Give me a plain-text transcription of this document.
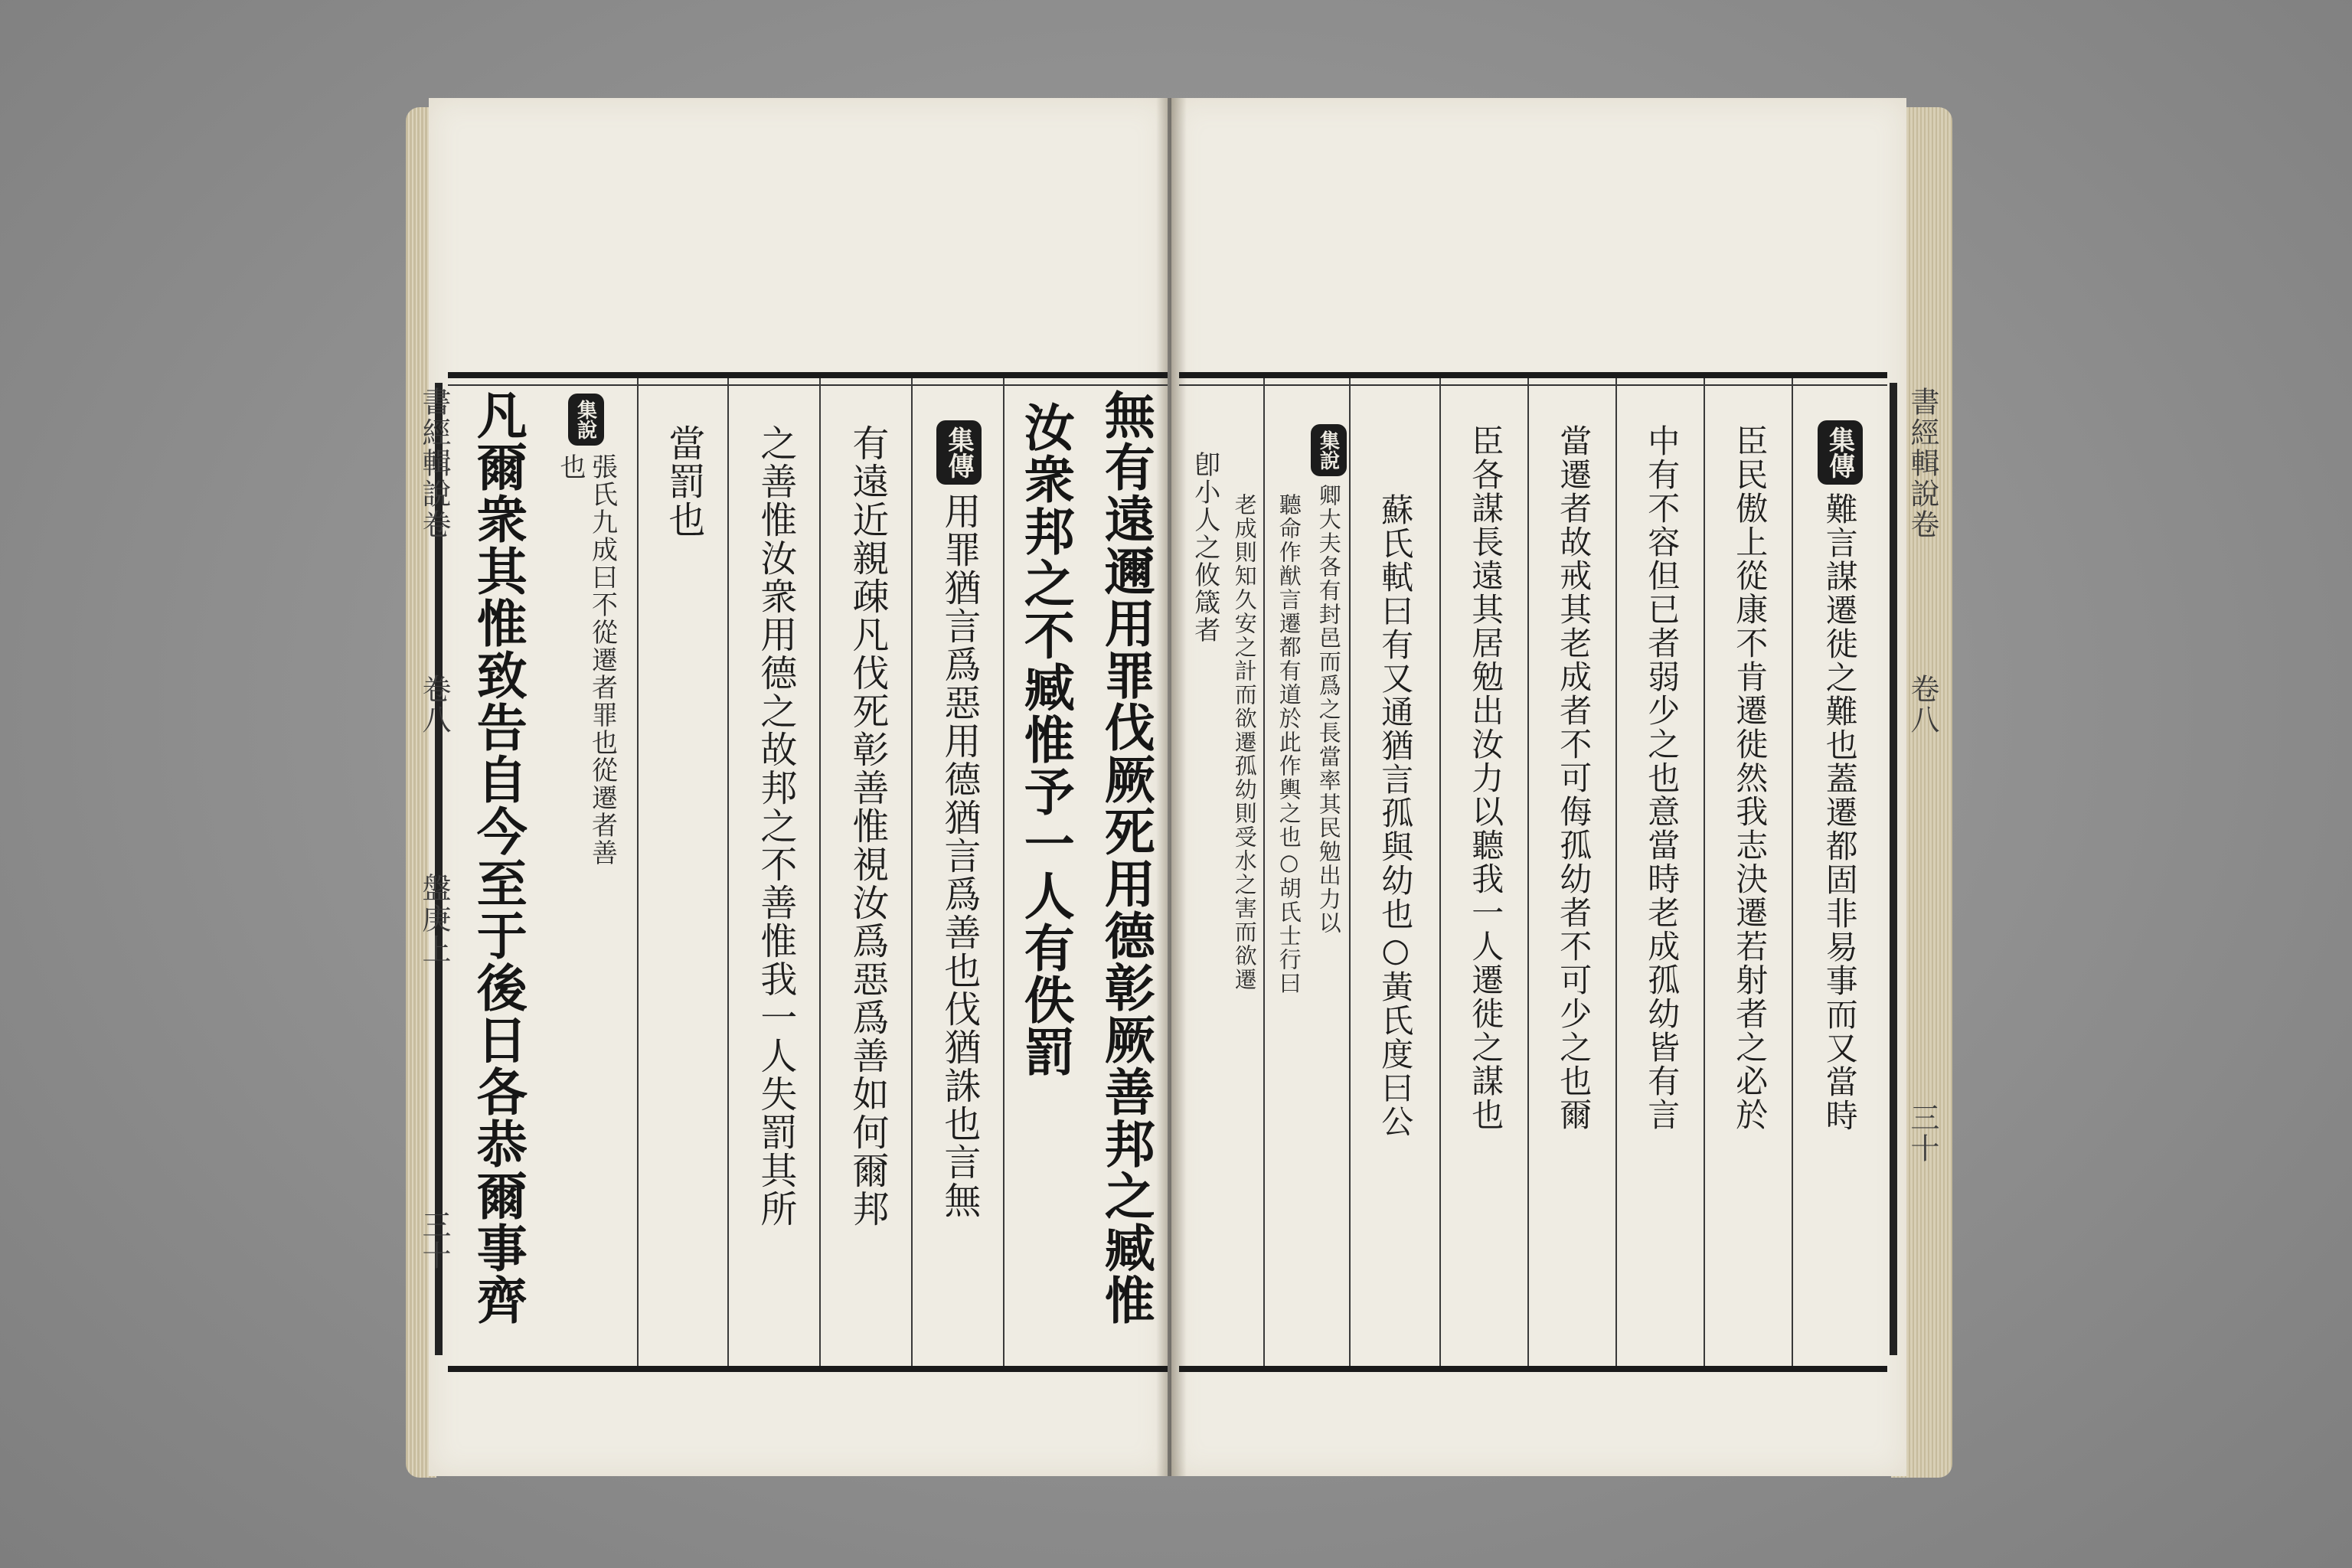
書經輯說卷
卷八
盤庚上
三十
書經輯說卷
卷八
三十
凡爾衆其惟致告自今至于後日各恭爾事齊	集說
張氏九成曰不從遷者罪也從遷者善也	當罰也 之善惟汝衆用德之故邦之不善惟我一人失罰其所 有遠近親疎凡伐死彰善惟視汝爲惡爲善如何爾邦 集傳
用罪猶言爲惡用德猶言爲善也伐猶誅也言無 汝衆邦之不臧惟予一人有佚罰 無有遠邇用罪伐厥死用德彰厥善邦之臧惟 卽小人之攸箴者 老成則知久安之計而欲遷孤幼則受水之害而欲遷 聽命作猷言遷都有道於此作輿之也○胡氏士行曰
集說
卿大夫各有封邑而爲之長當率其民勉出力以 蘇氏軾曰有又通猶言孤與幼也○黃氏度曰公 臣各謀長遠其居勉出汝力以聽我一人遷徙之謀也 當遷者故戒其老成者不可侮孤幼者不可少之也爾 中有不容但已者弱少之也意當時老成孤幼皆有言 臣民傲上從康不肯遷徙然我志決遷若射者之必於 集傳
難言謀遷徙之難也蓋遷都固非易事而又當時
